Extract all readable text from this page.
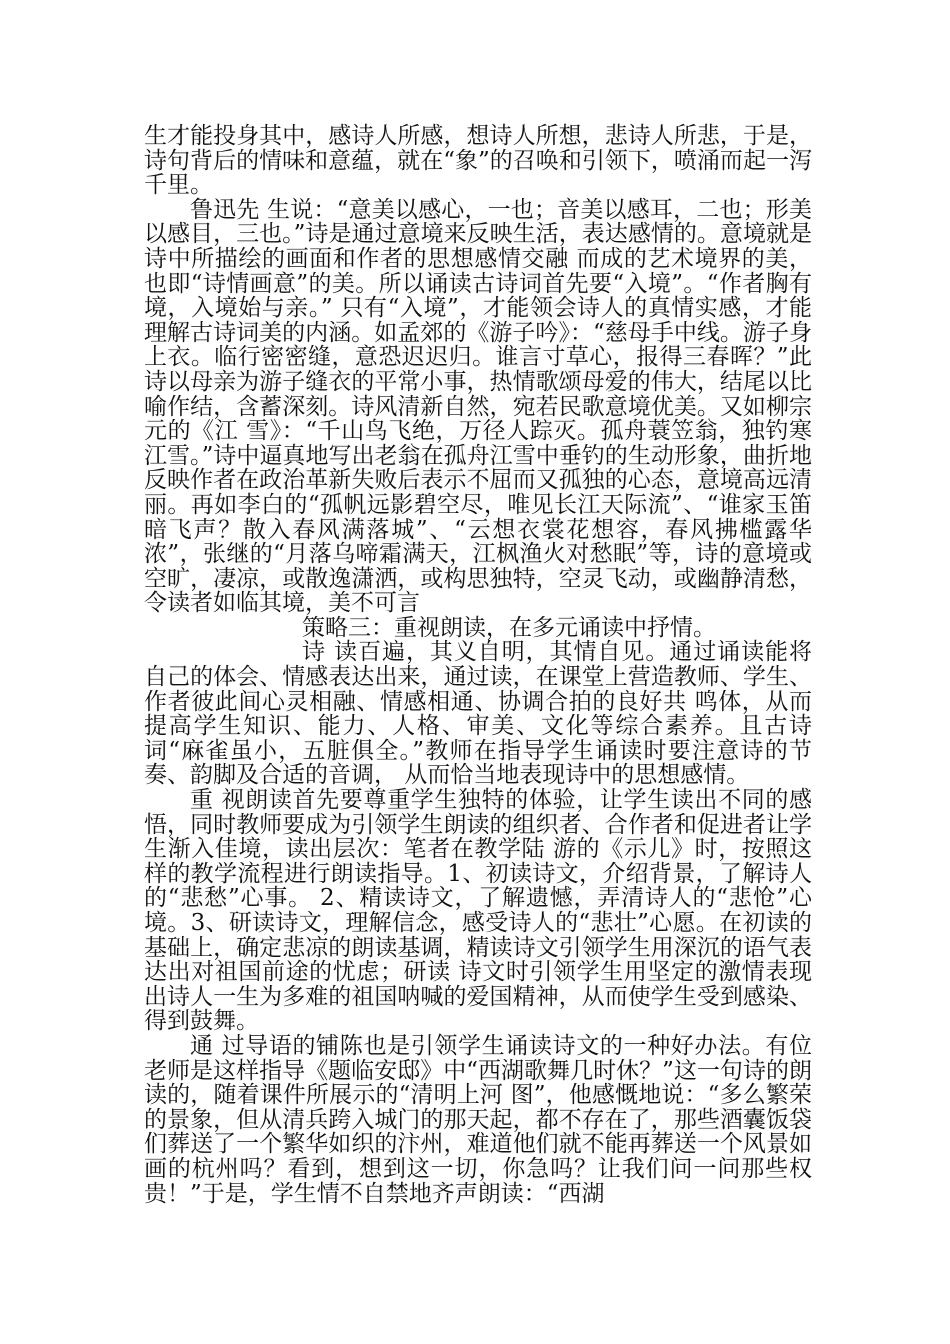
生才能投身其中，感诗人所感，想诗人所想，悲诗人所悲，于是，诗句背后的情味和意蕴，就在“象”的召唤和引领下，喷涌而起一泻千里。

鲁迅先 生说：“意美以感心，一也；音美以感耳，二也；形美以感目，三也。”诗是通过意境来反映生活，表达感情的。意境就是诗中所描绘的画面和作者的思想感情交融 而成的艺术境界的美，也即“诗情画意”的美。所以诵读古诗词首先要“入境”。“作者胸有境，入境始与亲。” 只有“入境”，才能领会诗人的真情实感，才能理解古诗词美的内涵。如孟郊的《游子吟》：“慈母手中线。游子身上衣。临行密密缝，意恐迟迟归。谁言寸草心，报得三春晖？”此诗以母亲为游子缝衣的平常小事，热情歌颂母爱的伟大，结尾以比喻作结，含蓄深刻。诗风清新自然，宛若民歌意境优美。又如柳宗元的《江 雪》：“千山鸟飞绝，万径人踪灭。孤舟蓑笠翁，独钓寒江雪。”诗中逼真地写出老翁在孤舟江雪中垂钓的生动形象，曲折地反映作者在政治革新失败后表示不屈而又孤独的心态，意境高远清丽。再如李白的“孤帆远影碧空尽，唯见长江天际流”、“谁家玉笛暗飞声？散入春风满落城”、“云想衣裳花想容，春风拂槛露华 浓”，张继的“月落乌啼霜满天，江枫渔火对愁眠”等，诗的意境或空旷，凄凉，或散逸潇洒，或构思独特，空灵飞动，或幽静清愁，令读者如临其境，美不可言

策略三：重视朗读，在多元诵读中抒情。

诗 读百遍，其义自明，其情自见。通过诵读能将自己的体会、情感表达出来，通过读，在课堂上营造教师、学生、作者彼此间心灵相融、情感相通、协调合拍的良好共 鸣体，从而提高学生知识、能力、人格、审美、文化等综合素养。且古诗词“麻雀虽小，五脏俱全。”教师在指导学生诵读时要注意诗的节奏、韵脚及合适的音调， 从而恰当地表现诗中的思想感情。

重 视朗读首先要尊重学生独特的体验，让学生读出不同的感悟，同时教师要成为引领学生朗读的组织者、合作者和促进者让学生渐入佳境，读出层次：笔者在教学陆 游的《示儿》时，按照这样的教学流程进行朗读指导。1、初读诗文，介绍背景，了解诗人的“悲愁”心事。 2、精读诗文，了解遗憾，弄清诗人的“悲怆”心 境。3、研读诗文，理解信念，感受诗人的“悲壮”心愿。在初读的基础上，确定悲凉的朗读基调，精读诗文引领学生用深沉的语气表达出对祖国前途的忧虑；研读 诗文时引领学生用坚定的激情表现出诗人一生为多难的祖国呐喊的爱国精神，从而使学生受到感染、得到鼓舞。

通 过导语的铺陈也是引领学生诵读诗文的一种好办法。有位老师是这样指导《题临安邸》中“西湖歌舞几时休？”这一句诗的朗读的，随着课件所展示的“清明上河 图”，他感慨地说：“多么繁荣的景象，但从清兵跨入城门的那天起，都不存在了，那些酒囊饭袋们葬送了一个繁华如织的汴州，难道他们就不能再葬送一个风景如 画的杭州吗？看到，想到这一切，你急吗？让我们问一问那些权贵！”于是，学生情不自禁地齐声朗读：“西湖
